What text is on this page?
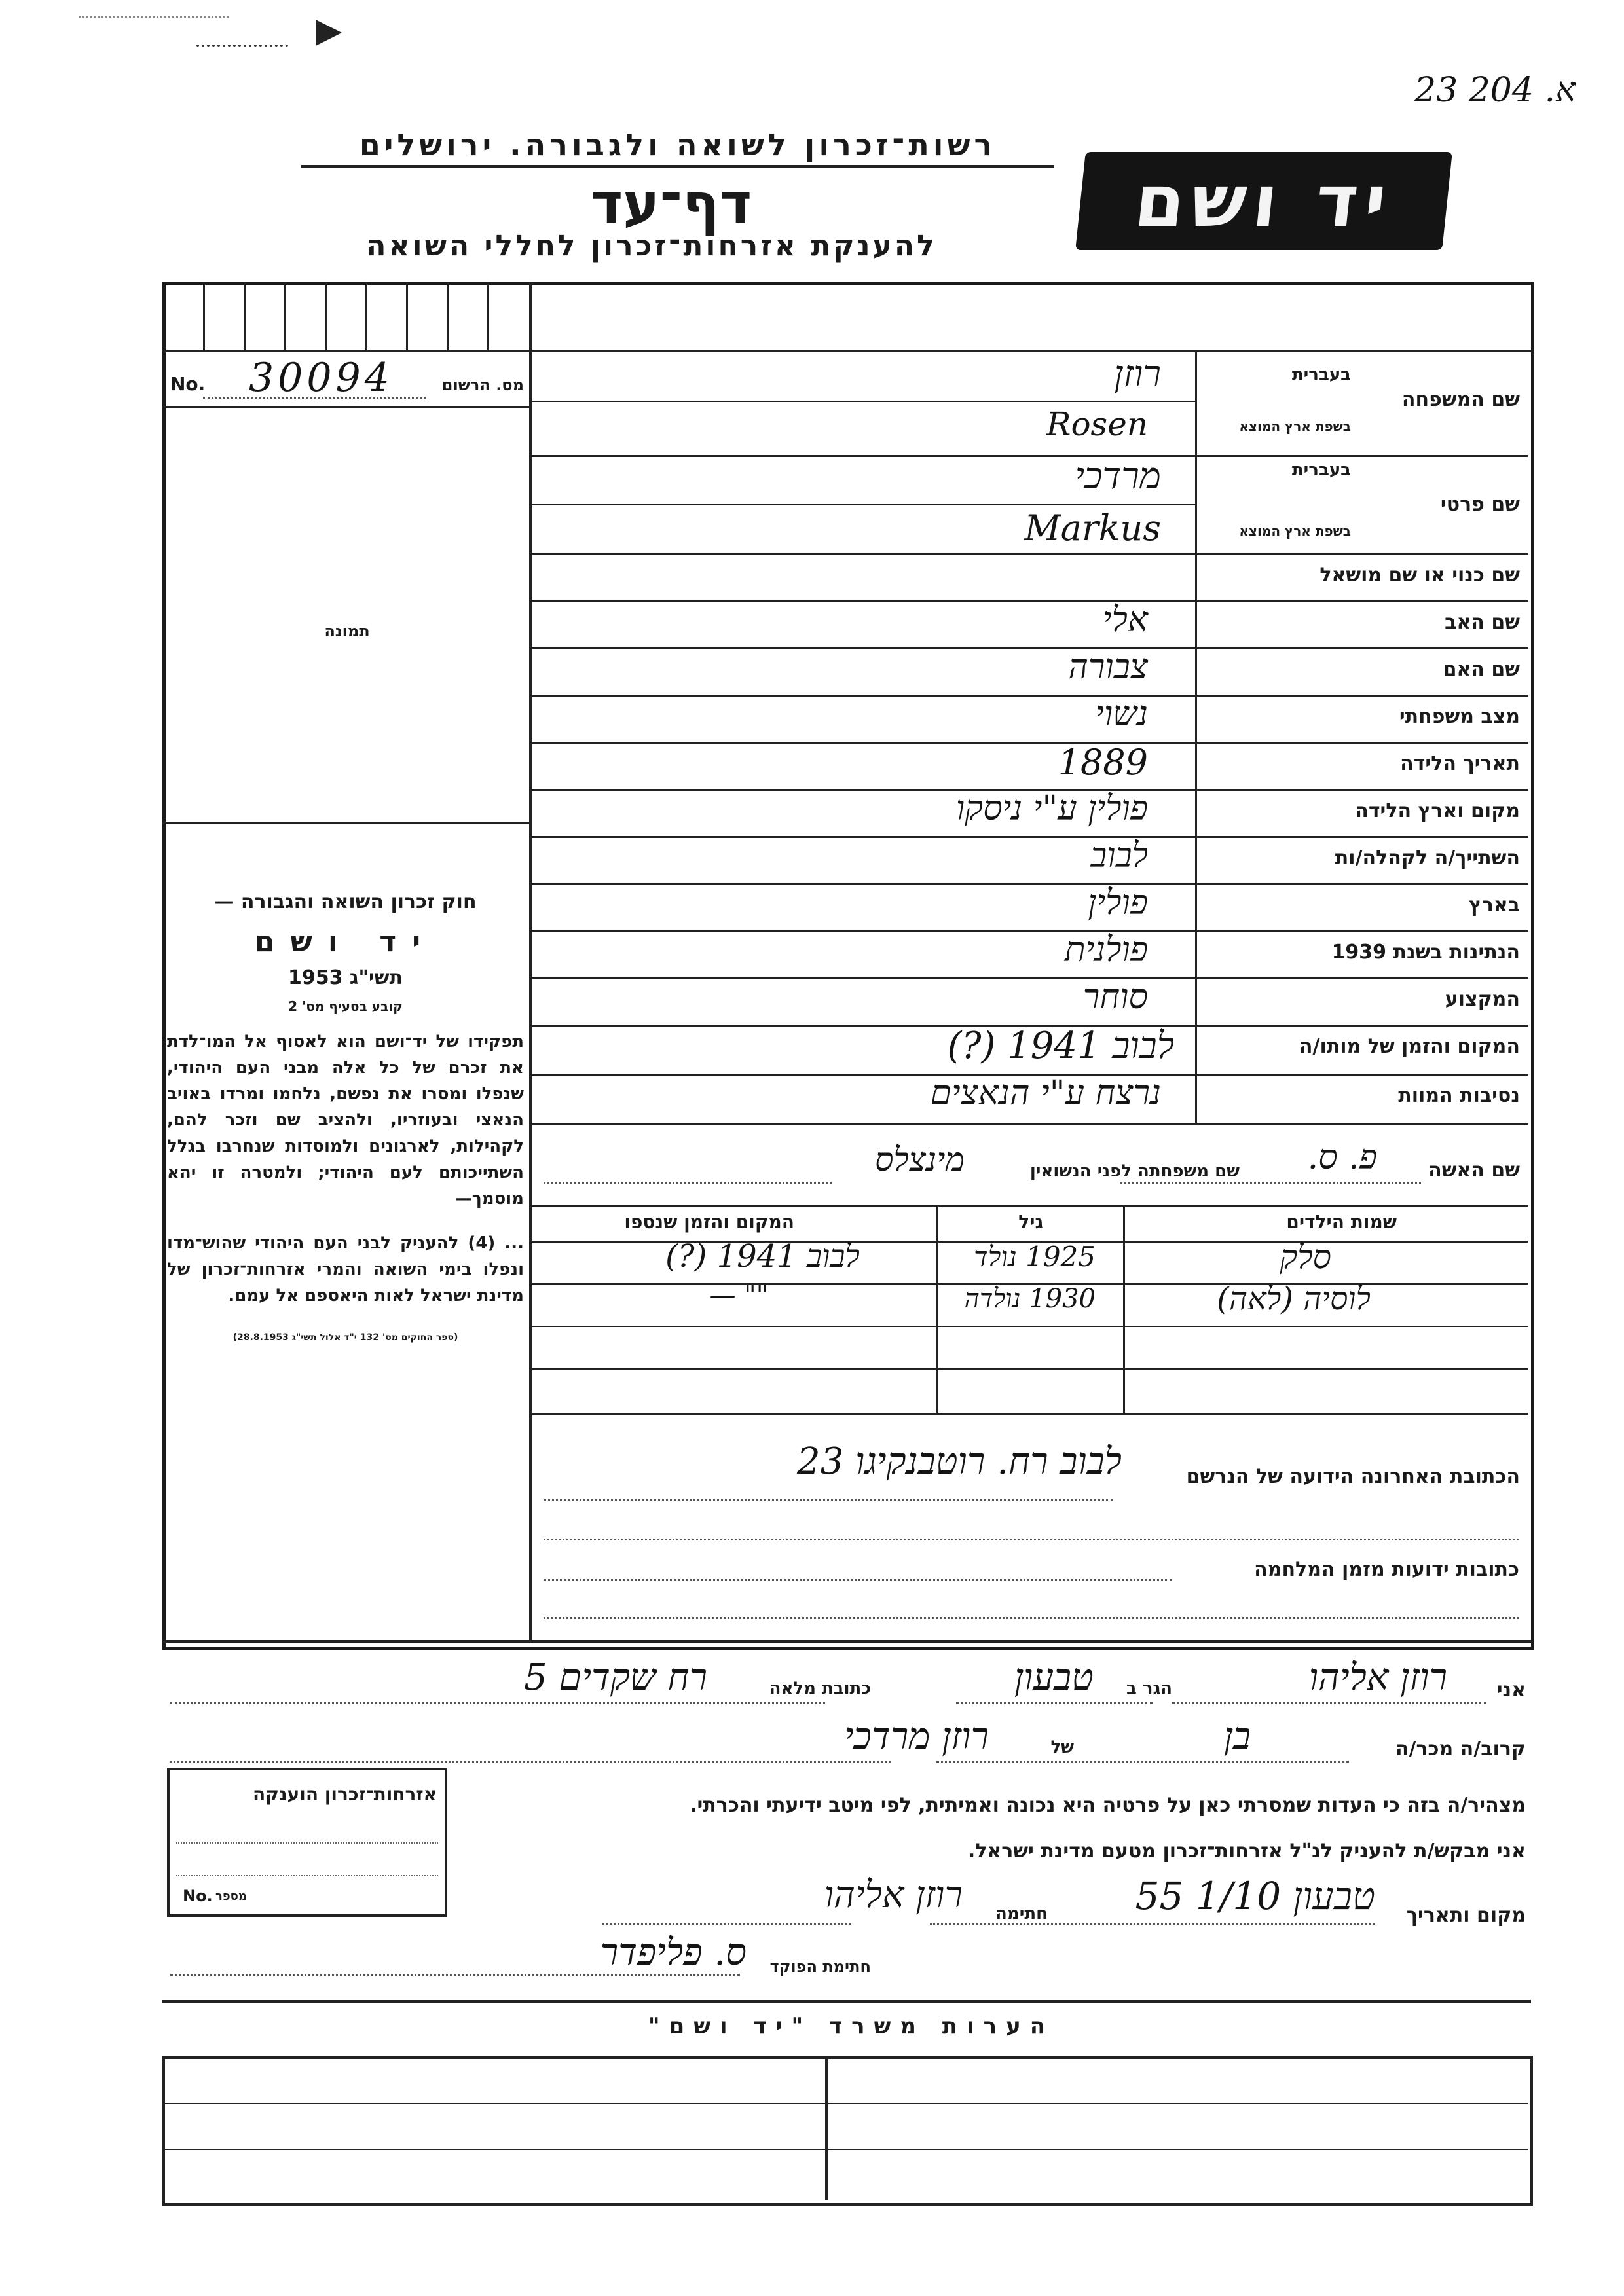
23 א. 204
רשות־זכרון לשואה ולגבורה. ירושלים
דף־עד
להענקת אזרחות־זכרון לחללי השואה
יד ושם
No. 30094	מס. הרשום
תמונה
שם המשפחה
בעברית
בשפת ארץ המוצא
רוזן
Rosen
שם פרטי
בעברית
בשפת ארץ המוצא
מרדכי
Markus
שם כנוי או שם מושאל
שם האב
אלי
שם האם
צבורה
מצב משפחתי
נשוי
תאריך הלידה
1889
מקום וארץ הלידה
פולין ע"י ניסקו
השתייך/ה לקהלה/ות
לבוב
בארץ
פולין
הנתינות בשנת 1939
פולנית
המקצוע
סוחר
המקום והזמן של מותו/ה
לבוב 1941 (?)
נסיבות המוות
נרצח ע"י הנאצים
שם האשה
פ. ס.
שם משפחתה לפני הנשואין
מינצלס
שמות הילדים
גיל
המקום והזמן שנספו
סלק
1925 נולד
לבוב 1941 (?)
לוסיה (לאה)
1930 נולדה
"" —
הכתובת האחרונה הידועה של הנרשם
לבוב רח. רוטבנקיגו 23
כתובות ידועות מזמן המלחמה
חוק זכרון השואה והגבורה —
יד ושם
תשי"ג 1953
קובע בסעיף מס' 2
תפקידו של יד־ושם הוא לאסוף אל המו־לדת את זכרם של כל אלה מבני העם היהודי, שנפלו ומסרו את נפשם, נלחמו ומרדו באויב הנאצי ובעוזריו, ולהציב שם וזכר להם, לקהילות, לארגונים ולמוסדות שנחרבו בגלל השתייכותם לעם היהודי; ולמטרה זו יהא מוסמך—
... (4) להעניק לבני העם היהודי שהוש־מדו ונפלו בימי השואה והמרי אזרחות־זכרון של מדינת ישראל לאות היאספם אל עמם.
(ספר החוקים מס' 132 י"ד אלול תשי"ג 28.8.1953)
אני
רוזן אליהו
הגר ב
טבעון
כתובת מלאה
רח שקדים 5
קרוב/ה מכר/ה
בן
של
רוזן מרדכי
מצהיר/ה בזה כי העדות שמסרתי כאן על פרטיה היא נכונה ואמיתית, לפי מיטב ידיעתי והכרתי.
אני מבקש/ת להעניק לנ"ל אזרחות־זכרון מטעם מדינת ישראל.
מקום ותאריך
טבעון 1/10 55
חתימה
רוזן אליהו
חתימת הפוקד
ס. פליפדר
אזרחות־זכרון הוענקה
No. מספר
הערות משרד "יד ושם"
